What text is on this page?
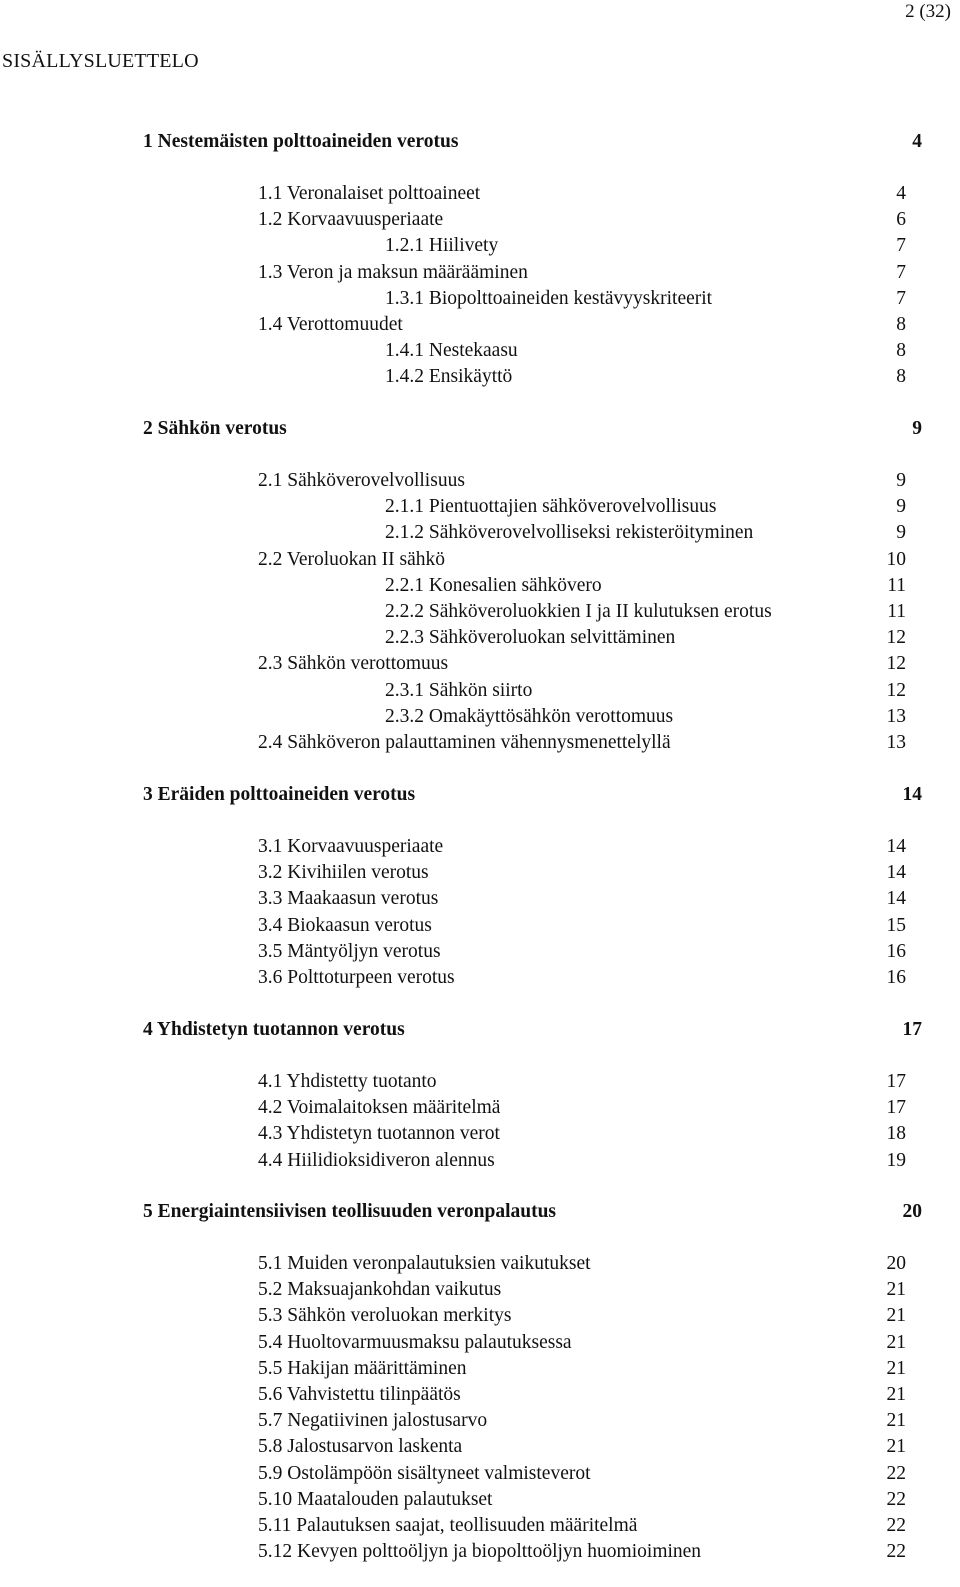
2 (32)
SISÄLLYSLUETTELO
1 Nestemäisten polttoaineiden verotus	4
1.1 Veronalaiset polttoaineet	4
1.2 Korvaavuusperiaate	6
1.2.1 Hiilivety	7
1.3 Veron ja maksun määrääminen	7
1.3.1 Biopolttoaineiden kestävyyskriteerit	7
1.4 Verottomuudet	8
1.4.1 Nestekaasu	8
1.4.2 Ensikäyttö	8
2 Sähkön verotus	9
2.1 Sähköverovelvollisuus	9
2.1.1 Pientuottajien sähköverovelvollisuus	9
2.1.2 Sähköverovelvolliseksi rekisteröityminen	9
2.2 Veroluokan II sähkö	10
2.2.1 Konesalien sähkövero	11
2.2.2 Sähköveroluokkien I ja II kulutuksen erotus	11
2.2.3 Sähköveroluokan selvittäminen	12
2.3 Sähkön verottomuus	12
2.3.1 Sähkön siirto	12
2.3.2 Omakäyttösähkön verottomuus	13
2.4 Sähköveron palauttaminen vähennysmenettelyllä	13
3 Eräiden polttoaineiden verotus	14
3.1 Korvaavuusperiaate	14
3.2 Kivihiilen verotus	14
3.3 Maakaasun verotus	14
3.4 Biokaasun verotus	15
3.5 Mäntyöljyn verotus	16
3.6 Polttoturpeen verotus	16
4 Yhdistetyn tuotannon verotus	17
4.1 Yhdistetty tuotanto	17
4.2 Voimalaitoksen määritelmä	17
4.3 Yhdistetyn tuotannon verot	18
4.4 Hiilidioksidiveron alennus	19
5 Energiaintensiivisen teollisuuden veronpalautus	20
5.1 Muiden veronpalautuksien vaikutukset	20
5.2 Maksuajankohdan vaikutus	21
5.3 Sähkön veroluokan merkitys	21
5.4 Huoltovarmuusmaksu palautuksessa	21
5.5 Hakijan määrittäminen	21
5.6 Vahvistettu tilinpäätös	21
5.7 Negatiivinen jalostusarvo	21
5.8 Jalostusarvon laskenta	21
5.9 Ostolämpöön sisältyneet valmisteverot	22
5.10 Maatalouden palautukset	22
5.11 Palautuksen saajat, teollisuuden määritelmä	22
5.12 Kevyen polttoöljyn ja biopolttoöljyn huomioiminen	22
